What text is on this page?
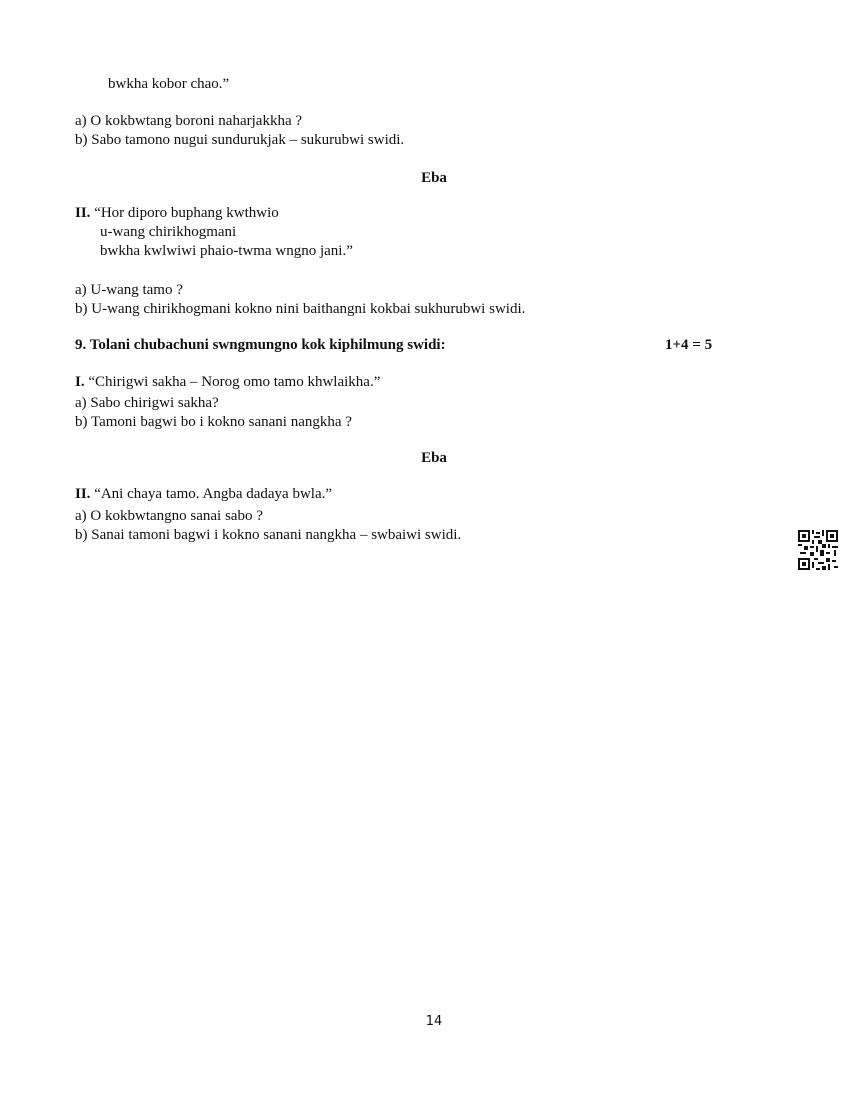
bwkha kobor chao.”
a) O kokbwtang boroni naharjakkha ?
b) Sabo tamono nugui sundurukjak – sukurubwi swidi.
Eba
II. “Hor diporo buphang kwthwio
u-wang chirikhogmani
bwkha kwlwiwi phaio-twma wngno jani.”
a) U-wang tamo ?
b) U-wang chirikhogmani kokno nini baithangni kokbai sukhurubwi swidi.
9. Tolani chubachuni swngmungno kok kiphilmung swidi:	1+4 = 5
I. “Chirigwi sakha – Norog omo tamo khwlaikha.”
a) Sabo chirigwi sakha?
b) Tamoni bagwi bo i kokno sanani nangkha ?
Eba
II. “Ani chaya tamo. Angba dadaya bwla.”
a) O kokbwtangno sanai sabo ?
b) Sanai tamoni bagwi i kokno sanani nangkha – swbaiwi swidi.
14
